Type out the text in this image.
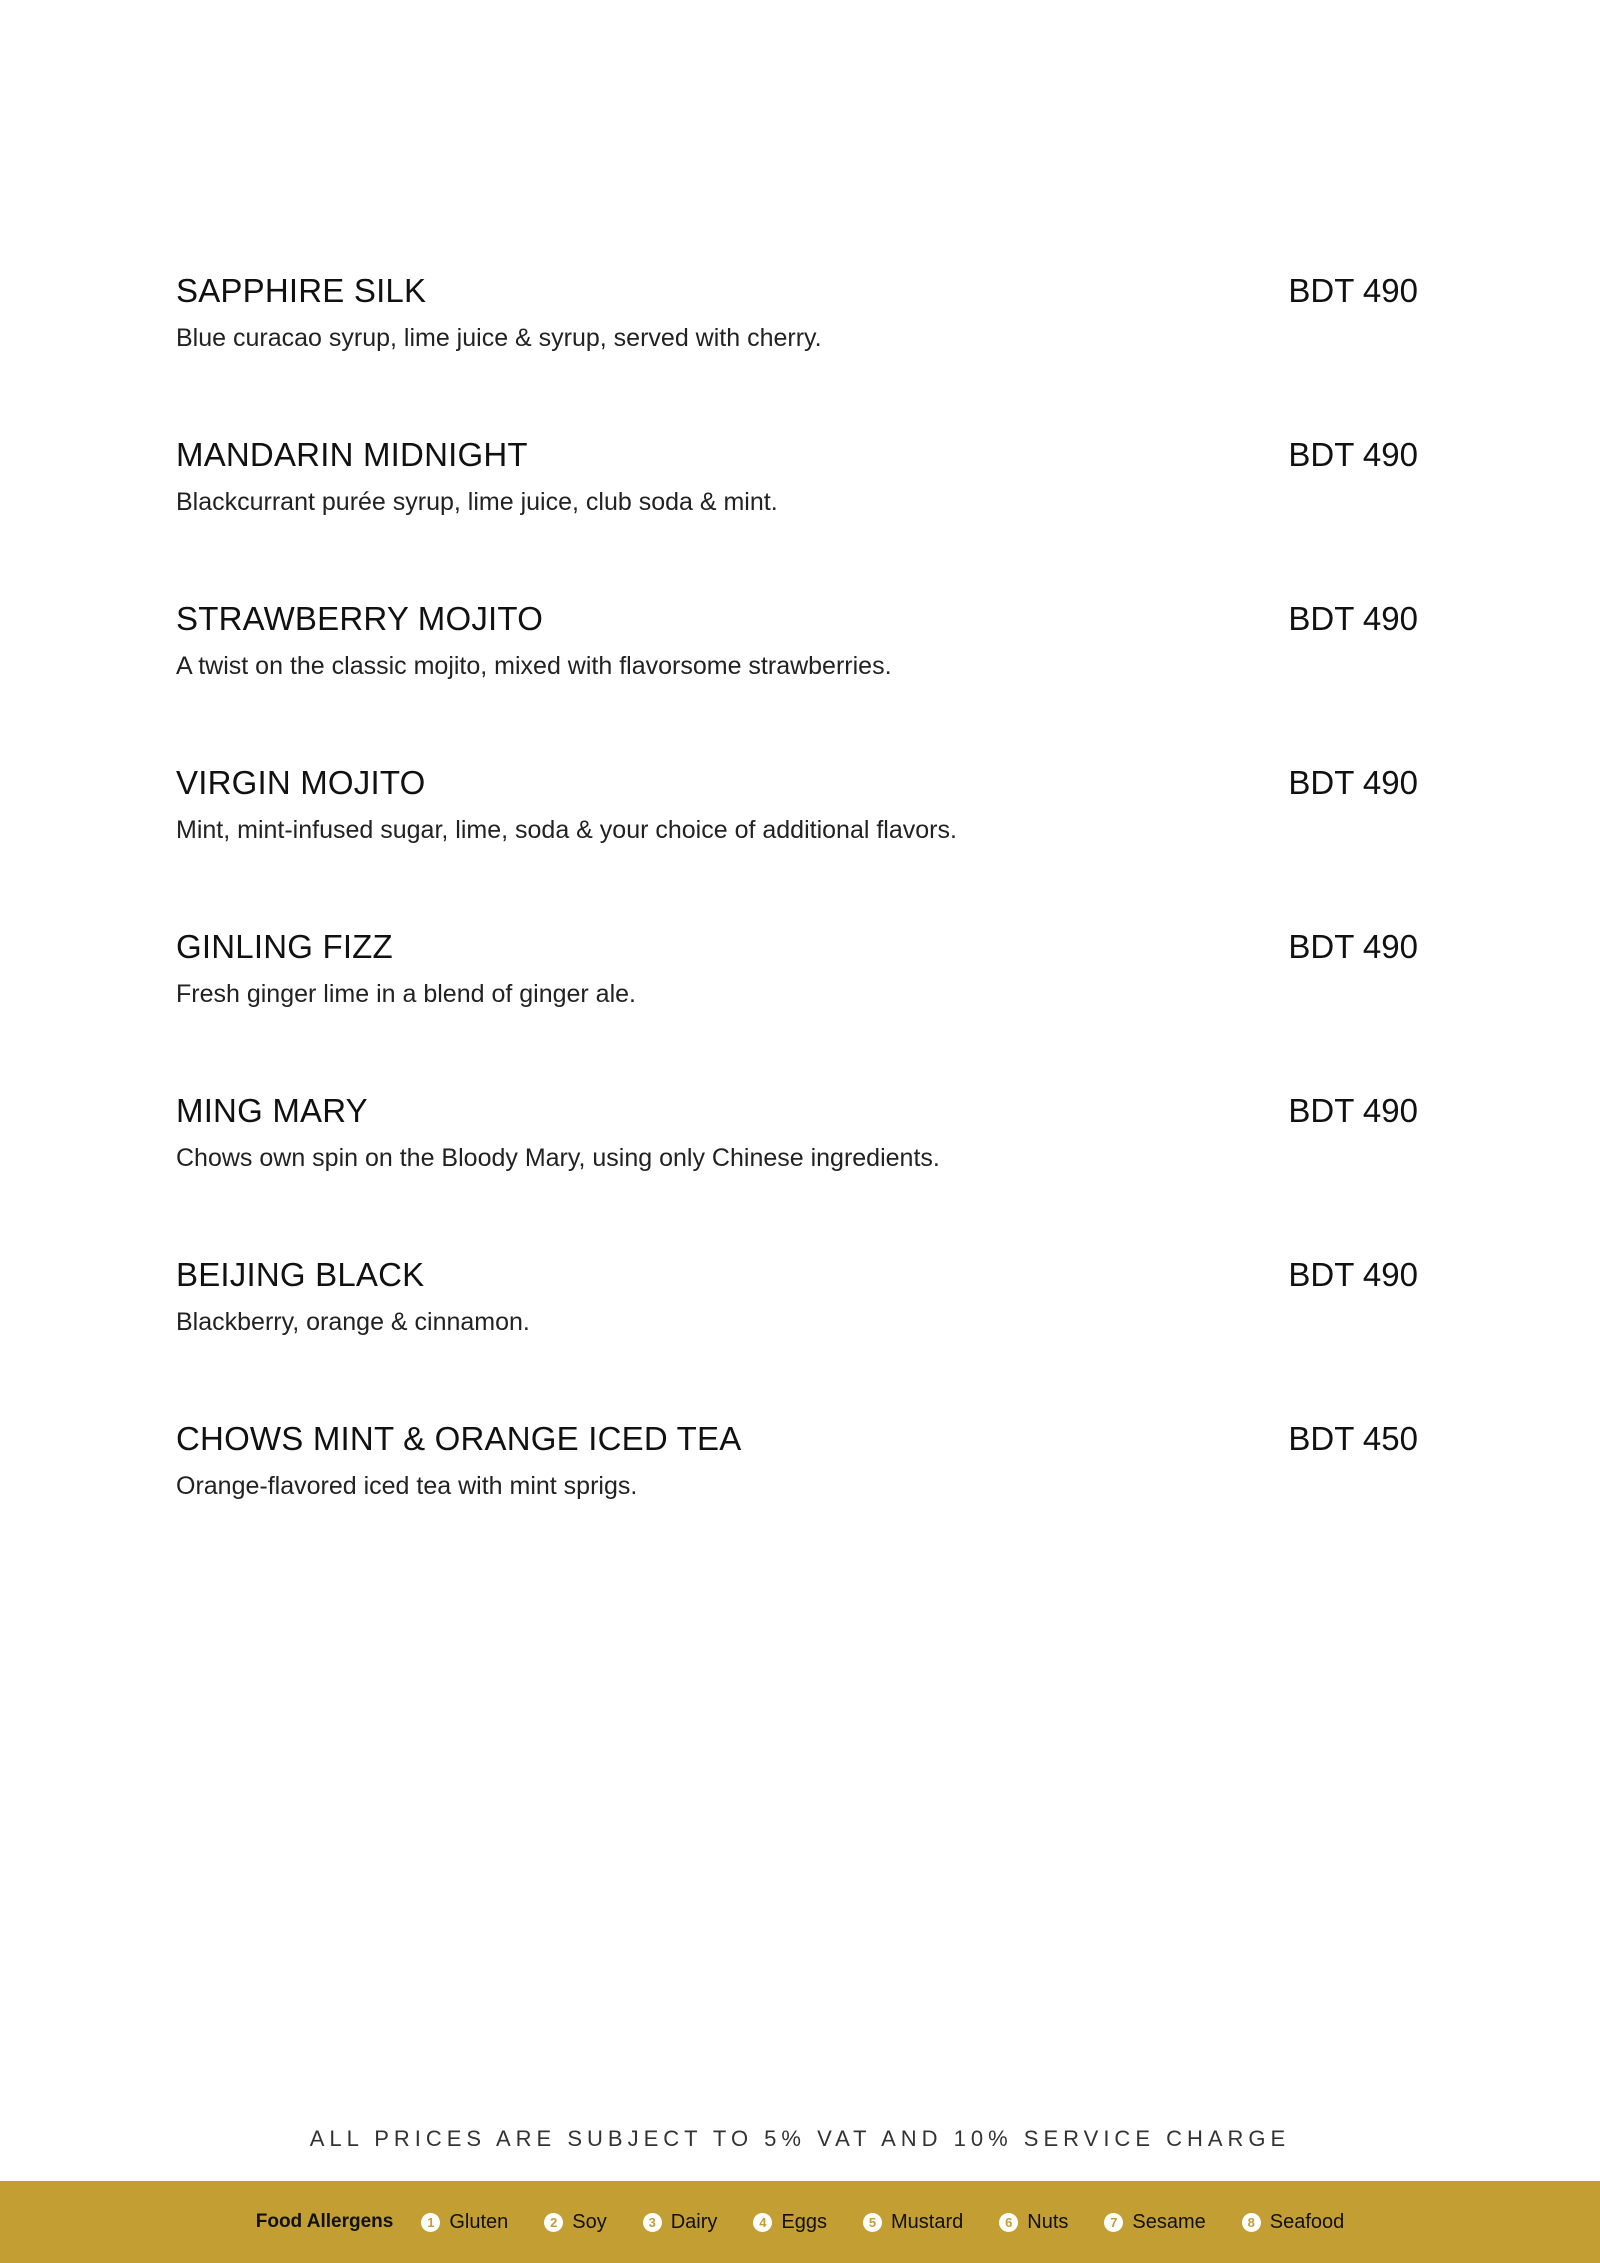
SAPPHIRE SILK	BDT 490
Blue curacao syrup, lime juice & syrup, served with cherry.
MANDARIN MIDNIGHT	BDT 490
Blackcurrant purée syrup, lime juice, club soda & mint.
STRAWBERRY MOJITO	BDT 490
A twist on the classic mojito, mixed with flavorsome strawberries.
VIRGIN MOJITO	BDT 490
Mint, mint-infused sugar, lime, soda & your choice of additional flavors.
GINLING FIZZ	BDT 490
Fresh ginger lime in a blend of ginger ale.
MING MARY	BDT 490
Chows own spin on the Bloody Mary, using only Chinese ingredients.
BEIJING BLACK	BDT 490
Blackberry, orange & cinnamon.
CHOWS MINT & ORANGE ICED TEA	BDT 450
Orange-flavored iced tea with mint sprigs.
ALL PRICES ARE SUBJECT TO 5% VAT AND 10% SERVICE CHARGE
Food Allergens	1 Gluten	2 Soy	3 Dairy	4 Eggs	5 Mustard	6 Nuts	7 Sesame	8 Seafood
